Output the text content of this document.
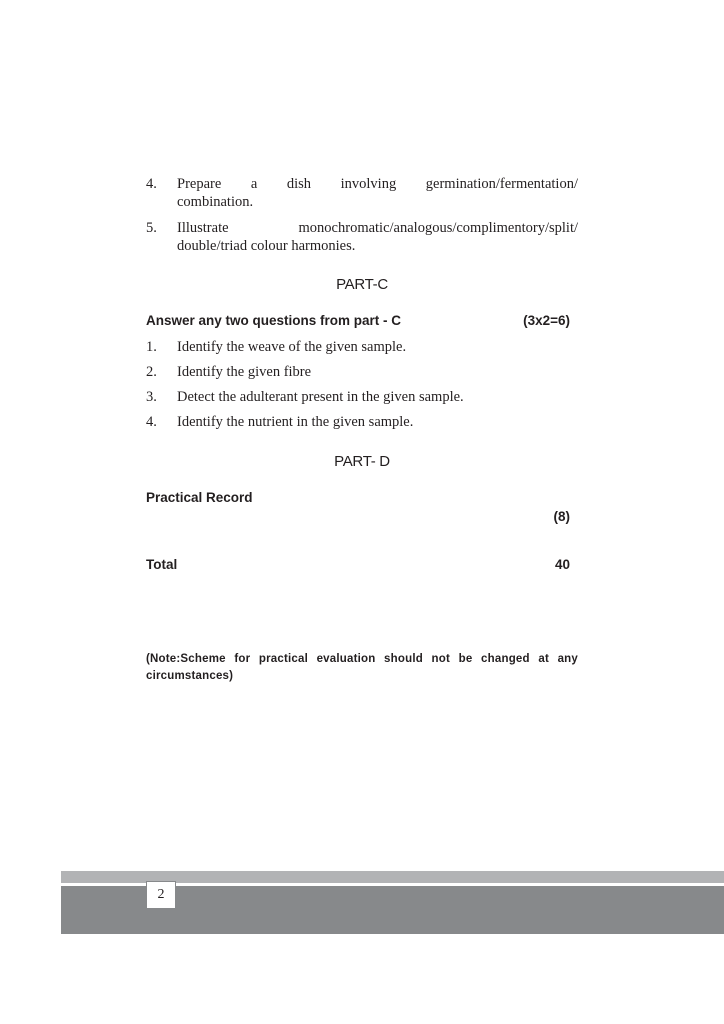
4.	Prepare a dish involving germination/fermentation/
combination.
5.	Illustrate monochromatic/analogous/complimentory/split/
double/triad colour harmonies.
PART-C
Answer any two questions from part - C	(3x2=6)
1.	Identify the weave of the given sample.
2.	Identify the given fibre
3.	Detect the adulterant present in the given sample.
4.	Identify the nutrient in the given sample.
PART- D
Practical Record
(8)
Total	40
(Note:Scheme for practical evaluation should not be changed at any circumstances)
2
